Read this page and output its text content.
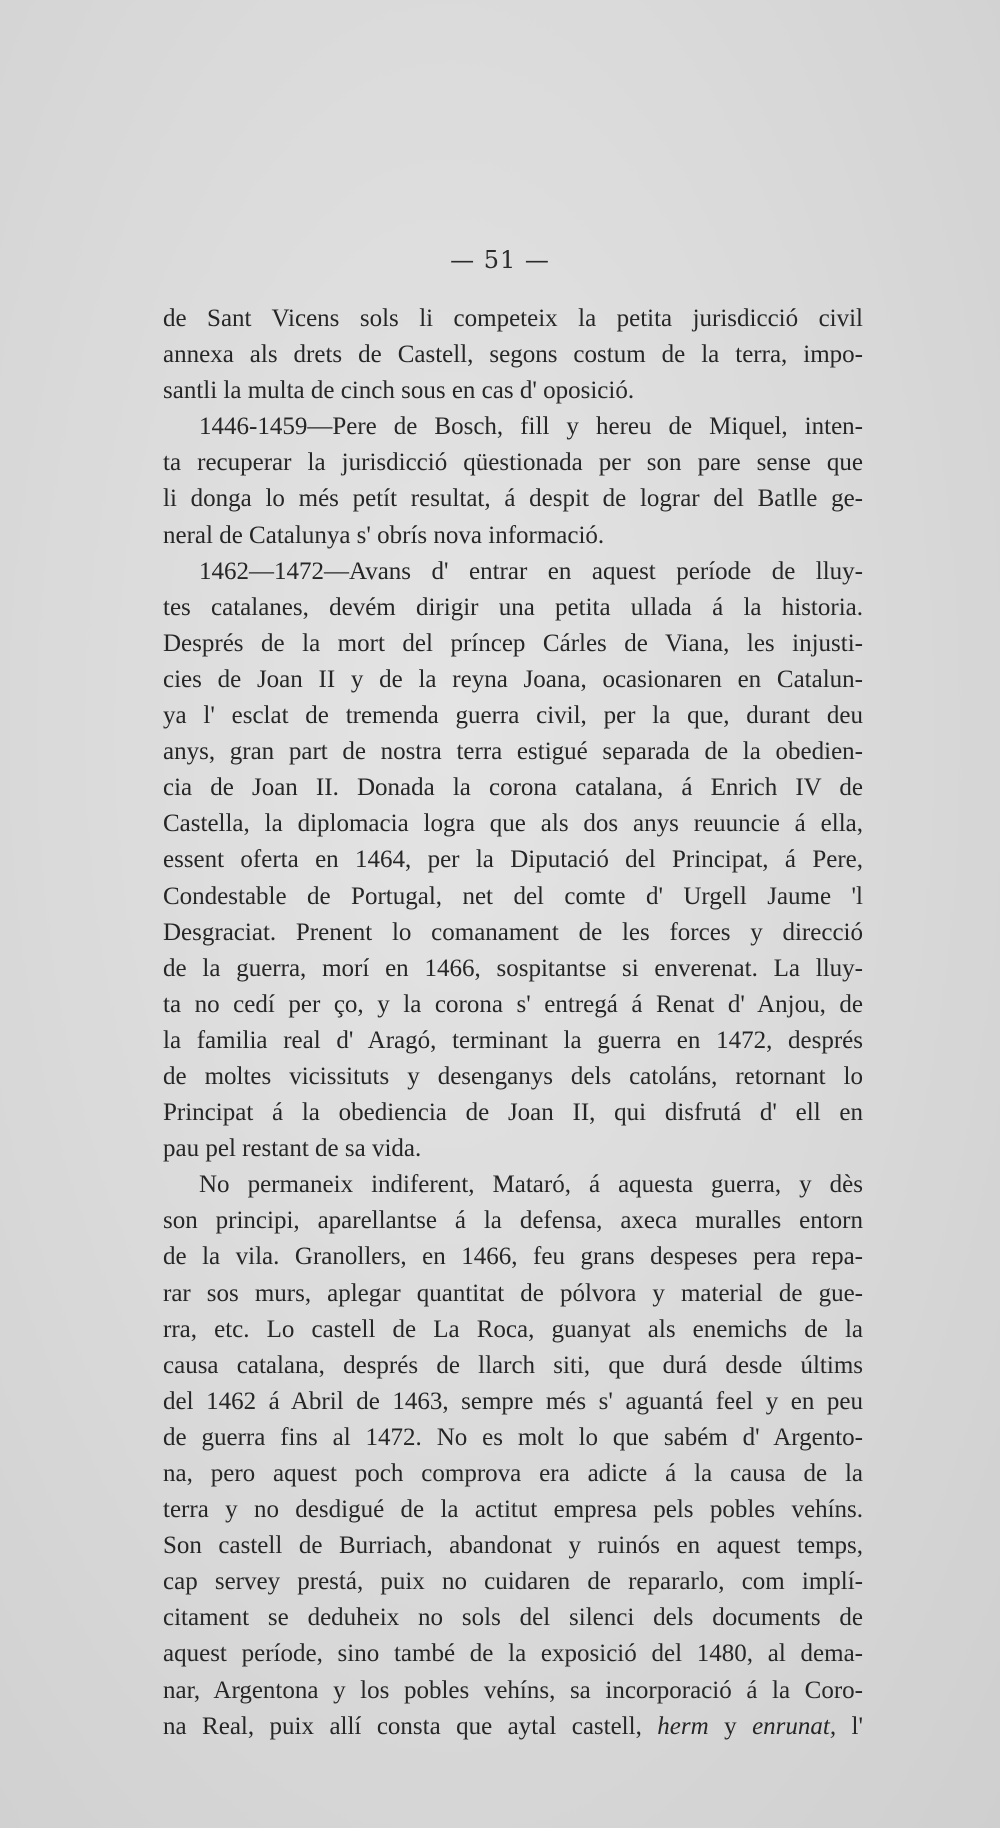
— 51 —
de Sant Vicens sols li competeix la petita jurisdicció civil
annexa als drets de Castell, segons costum de la terra, impo-
santli la multa de cinch sous en cas d' oposició.
1446-1459—Pere de Bosch, fill y hereu de Miquel, inten-
ta recuperar la jurisdicció qüestionada per son pare sense que
li donga lo més petít resultat, á despit de lograr del Batlle ge-
neral de Catalunya s' obrís nova informació.
1462—1472—Avans d' entrar en aquest període de lluy-
tes catalanes, devém dirigir una petita ullada á la historia.
Després de la mort del príncep Cárles de Viana, les injusti-
cies de Joan II y de la reyna Joana, ocasionaren en Catalun-
ya l' esclat de tremenda guerra civil, per la que, durant deu
anys, gran part de nostra terra estigué separada de la obedien-
cia de Joan II. Donada la corona catalana, á Enrich IV de
Castella, la diplomacia logra que als dos anys reuuncie á ella,
essent oferta en 1464, per la Diputació del Principat, á Pere,
Condestable de Portugal, net del comte d' Urgell Jaume 'l
Desgraciat. Prenent lo comanament de les forces y direcció
de la guerra, morí en 1466, sospitantse si enverenat. La lluy-
ta no cedí per ço, y la corona s' entregá á Renat d' Anjou, de
la familia real d' Aragó, terminant la guerra en 1472, després
de moltes vicissituts y desenganys dels catoláns, retornant lo
Principat á la obediencia de Joan II, qui disfrutá d' ell en
pau pel restant de sa vida.
No permaneix indiferent, Mataró, á aquesta guerra, y dès
son principi, aparellantse á la defensa, axeca muralles entorn
de la vila. Granollers, en 1466, feu grans despeses pera repa-
rar sos murs, aplegar quantitat de pólvora y material de gue-
rra, etc. Lo castell de La Roca, guanyat als enemichs de la
causa catalana, després de llarch siti, que durá desde últims
del 1462 á Abril de 1463, sempre més s' aguantá feel y en peu
de guerra fins al 1472. No es molt lo que sabém d' Argento-
na, pero aquest poch comprova era adicte á la causa de la
terra y no desdigué de la actitut empresa pels pobles vehíns.
Son castell de Burriach, abandonat y ruinós en aquest temps,
cap servey prestá, puix no cuidaren de repararlo, com implí-
citament se deduheix no sols del silenci dels documents de
aquest període, sino també de la exposició del 1480, al dema-
nar, Argentona y los pobles vehíns, sa incorporació á la Coro-
na Real, puix allí consta que aytal castell, herm y enrunat, l'
